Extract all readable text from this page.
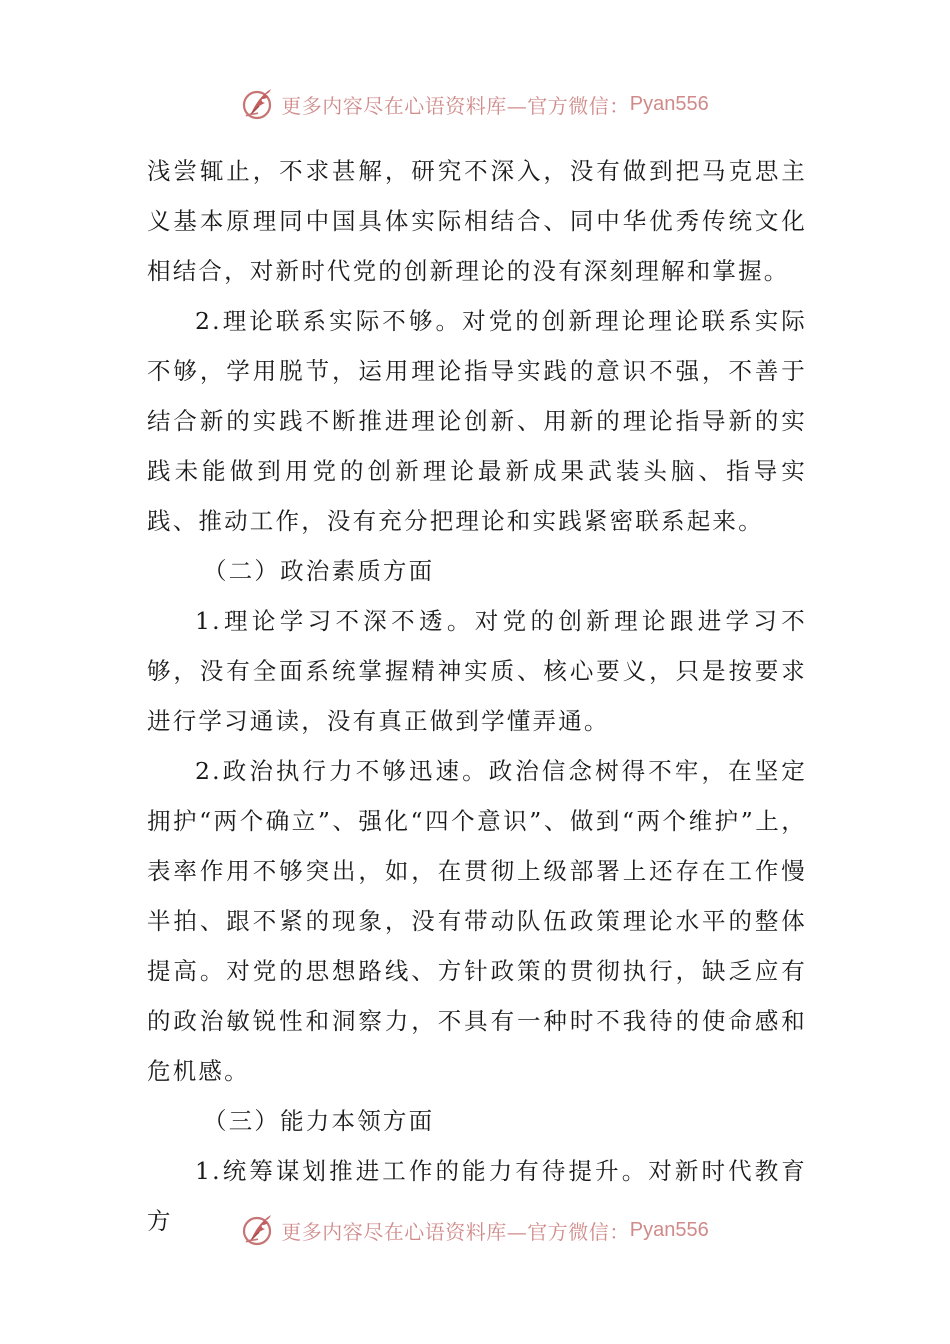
更多内容尽在心语资料库—官方微信： Pyan556

浅尝辄止，不求甚解，研究不深入，没有做到把马克思主义基本原理同中国具体实际相结合、同中华优秀传统文化相结合，对新时代党的创新理论的没有深刻理解和掌握。

2.理论联系实际不够。对党的创新理论理论联系实际不够，学用脱节，运用理论指导实践的意识不强，不善于结合新的实践不断推进理论创新、用新的理论指导新的实践未能做到用党的创新理论最新成果武装头脑、指导实践、推动工作，没有充分把理论和实践紧密联系起来。

（二）政治素质方面

1.理论学习不深不透。对党的创新理论跟进学习不够，没有全面系统掌握精神实质、核心要义，只是按要求进行学习通读，没有真正做到学懂弄通。

2.政治执行力不够迅速。政治信念树得不牢，在坚定拥护“两个确立”、强化“四个意识”、做到“两个维护”上，表率作用不够突出，如，在贯彻上级部署上还存在工作慢半拍、跟不紧的现象，没有带动队伍政策理论水平的整体提高。对党的思想路线、方针政策的贯彻执行，缺乏应有的政治敏锐性和洞察力，不具有一种时不我待的使命感和危机感。

（三）能力本领方面

1.统筹谋划推进工作的能力有待提升。对新时代教育方	更多内容尽在心语资料库—官方微信： Pyan556
